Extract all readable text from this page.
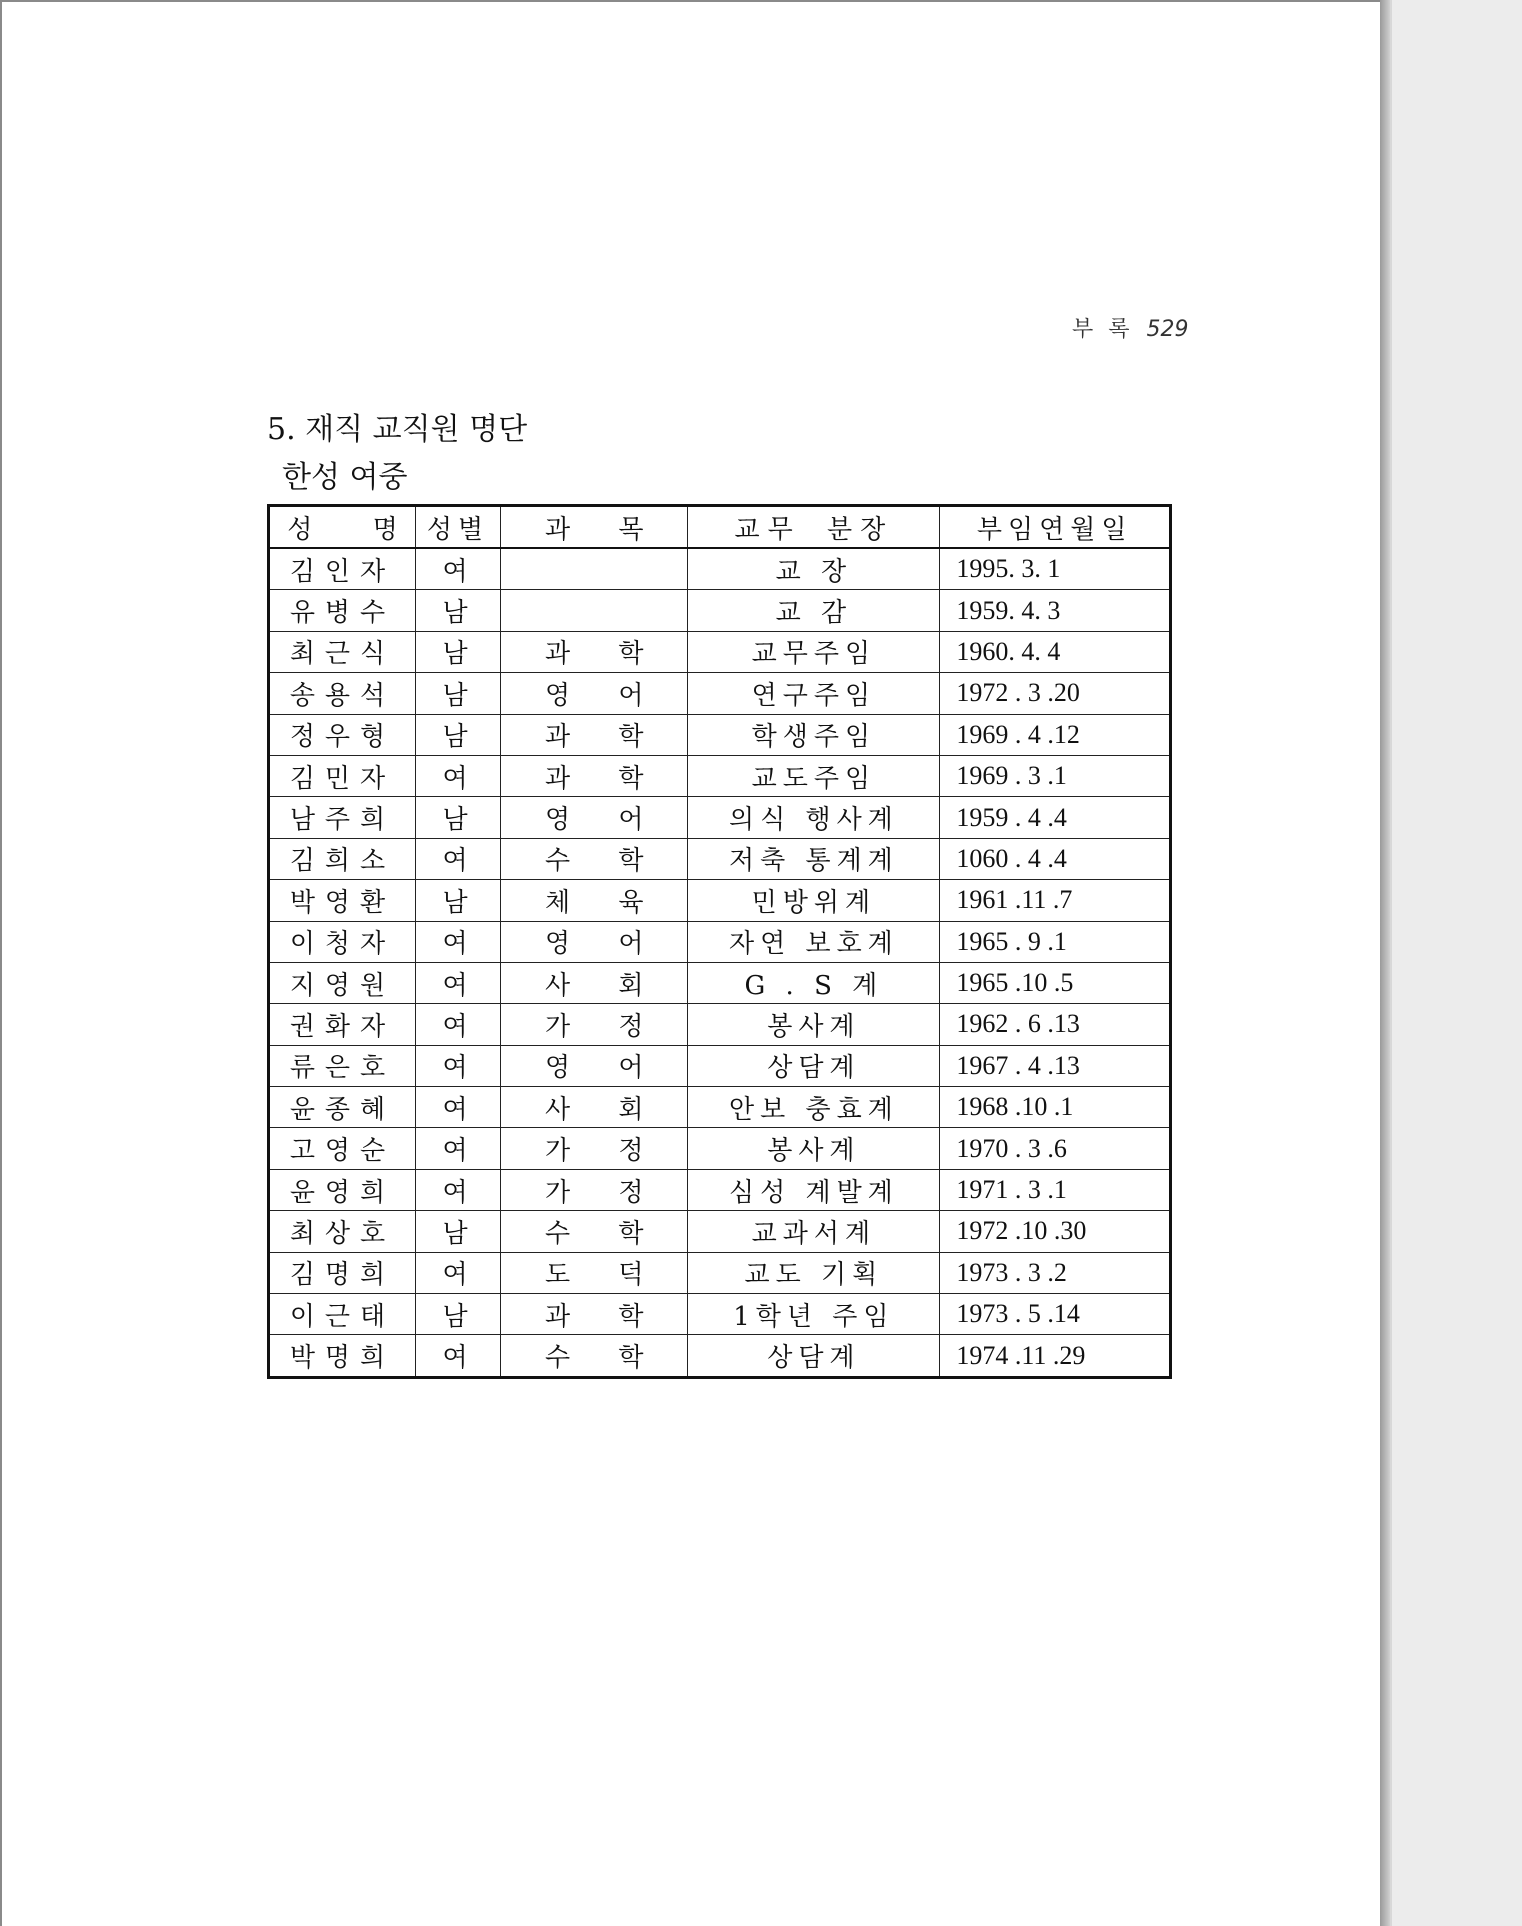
부 록 529
5. 재직 교직원 명단
한성 여중
성 명	성별	과 목	교무 분장	부임연월일
김인자	여		교 장	1995. 3. 1
유병수	남		교 감	1959. 4. 3
최근식	남	과 학	교무주임	1960. 4. 4
송용석	남	영 어	연구주임	1972 . 3 .20
정우형	남	과 학	학생주임	1969 . 4 .12
김민자	여	과 학	교도주임	1969 . 3 .1
남주희	남	영 어	의식 행사계	1959 . 4 .4
김희소	여	수 학	저축 통계계	1060 . 4 .4
박영환	남	체 육	민방위계	1961 .11 .7
이청자	여	영 어	자연 보호계	1965 . 9 .1
지영원	여	사 회	G . S 계	1965 .10 .5
권화자	여	가 정	봉사계	1962 . 6 .13
류은호	여	영 어	상담계	1967 . 4 .13
윤종혜	여	사 회	안보 충효계	1968 .10 .1
고영순	여	가 정	봉사계	1970 . 3 .6
윤영희	여	가 정	심성 계발계	1971 . 3 .1
최상호	남	수 학	교과서계	1972 .10 .30
김명희	여	도 덕	교도 기획	1973 . 3 .2
이근태	남	과 학	1학년 주임	1973 . 5 .14
박명희	여	수 학	상담계	1974 .11 .29
